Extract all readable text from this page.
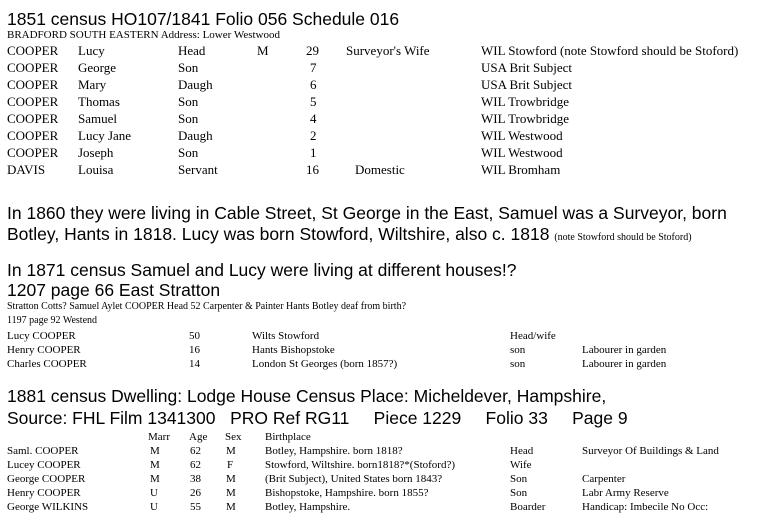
1851 census HO107/1841 Folio 056 Schedule 016
BRADFORD SOUTH EASTERN Address: Lower Westwood
COOPER Lucy	Head	M	29 Surveyor's Wife	WIL Stowford (note Stowford should be Stoford)
COOPER George	Son	7	USA Brit Subject
COOPER Mary	Daugh	6	USA Brit Subject
COOPER Thomas	Son	5	WIL Trowbridge
COOPER Samuel	Son	4	WIL Trowbridge
COOPER Lucy Jane	Daugh	2	WIL Westwood
COOPER Joseph	Son	1	WIL Westwood
DAVIS	Louisa	Servant	16	Domestic	WIL Bromham
In 1860 they were living in Cable Street, St George in the East, Samuel was a Surveyor, born
Botley, Hants in 1818. Lucy was born Stowford, Wiltshire, also c. 1818 (note Stowford should be Stoford)
In 1871 census Samuel and Lucy were living at different houses!?
1207 page 66 East Stratton
Stratton Cotts? Samuel Aylet COOPER Head 52 Carpenter & Painter Hants Botley deaf from birth?
1197 page 92 Westend
Lucy COOPER	50	Wilts Stowford	Head/wife
Henry COOPER	16	Hants Bishopstoke	son	Labourer in garden
Charles COOPER	14	London St Georges (born 1857?)	son	Labourer in garden
1881 census Dwelling: Lodge House Census Place: Micheldever, Hampshire,
Source: FHL Film 1341300   PRO Ref RG11     Piece 1229     Folio 33     Page 9
Marr Age Sex Birthplace
Saml. COOPER	M	62 M	Botley, Hampshire. born 1818?	Head	Surveyor Of Buildings & Land
Lucey COOPER	M	62 F	Stowford, Wiltshire. born1818?*(Stoford?)	Wife
George COOPER	M	38 M	(Brit Subject), United States born 1843?	Son	Carpenter
Henry COOPER	U	26 M	Bishopstoke, Hampshire. born 1855?	Son	Labr Army Reserve
George WILKINS	U	55 M	Botley, Hampshire.	Boarder	Handicap: Imbecile No Occ:
